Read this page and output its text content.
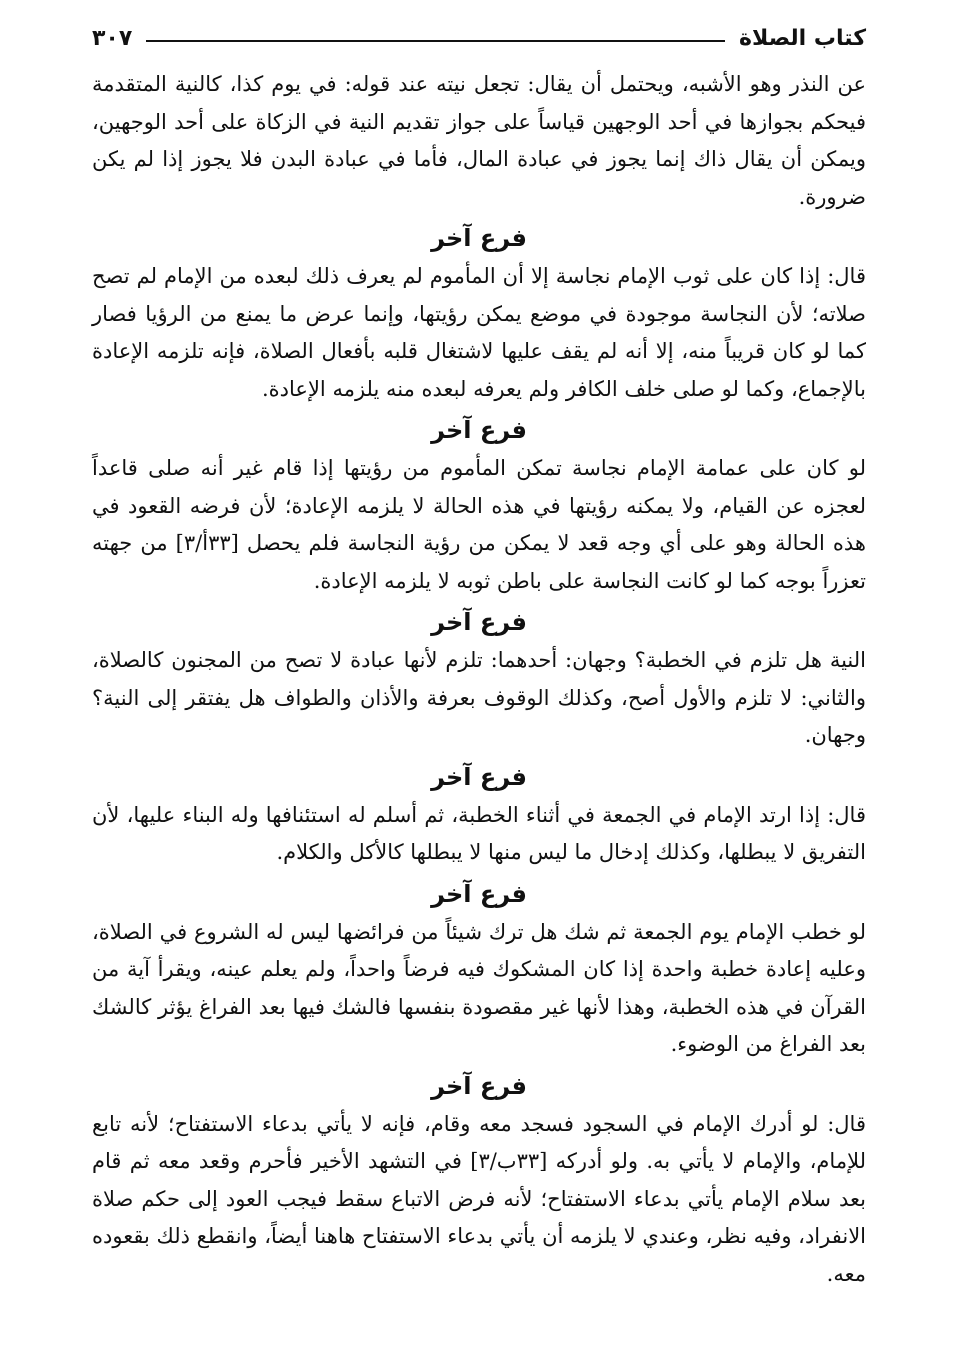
كتاب الصلاة
٣٠٧

عن النذر وهو الأشبه، ويحتمل أن يقال: تجعل نيته عند قوله: في يوم كذا، كالنية المتقدمة فيحكم بجوازها في أحد الوجهين قياساً على جواز تقديم النية في الزكاة على أحد الوجهين، ويمكن أن يقال ذاك إنما يجوز في عبادة المال، فأما في عبادة البدن فلا يجوز إذا لم يكن ضرورة.

فرع آخر

قال: إذا كان على ثوب الإمام نجاسة إلا أن المأموم لم يعرف ذلك لبعده من الإمام لم تصح صلاته؛ لأن النجاسة موجودة في موضع يمكن رؤيتها، وإنما عرض ما يمنع من الرؤيا فصار كما لو كان قريباً منه، إلا أنه لم يقف عليها لاشتغال قلبه بأفعال الصلاة، فإنه تلزمه الإعادة بالإجماع، وكما لو صلى خلف الكافر ولم يعرفه لبعده منه يلزمه الإعادة.

فرع آخر

لو كان على عمامة الإمام نجاسة تمكن المأموم من رؤيتها إذا قام غير أنه صلى قاعداً لعجزه عن القيام، ولا يمكنه رؤيتها في هذه الحالة لا يلزمه الإعادة؛ لأن فرضه القعود في هذه الحالة وهو على أي وجه قعد لا يمكن من رؤية النجاسة فلم يحصل [٣٣أ/٣] من جهته تعزراً بوجه كما لو كانت النجاسة على باطن ثوبه لا يلزمه الإعادة.

فرع آخر

النية هل تلزم في الخطبة؟ وجهان: أحدهما: تلزم لأنها عبادة لا تصح من المجنون كالصلاة، والثاني: لا تلزم والأول أصح، وكذلك الوقوف بعرفة والأذان والطواف هل يفتقر إلى النية؟ وجهان.

فرع آخر

قال: إذا ارتد الإمام في الجمعة في أثناء الخطبة، ثم أسلم له استئنافها وله البناء عليها، لأن التفريق لا يبطلها، وكذلك إدخال ما ليس منها لا يبطلها كالأكل والكلام.

فرع آخر

لو خطب الإمام يوم الجمعة ثم شك هل ترك شيئاً من فرائضها ليس له الشروع في الصلاة، وعليه إعادة خطبة واحدة إذا كان المشكوك فيه فرضاً واحداً، ولم يعلم عينه، ويقرأ آية من القرآن في هذه الخطبة، وهذا لأنها غير مقصودة بنفسها فالشك فيها بعد الفراغ يؤثر كالشك بعد الفراغ من الوضوء.

فرع آخر

قال: لو أدرك الإمام في السجود فسجد معه وقام، فإنه لا يأتي بدعاء الاستفتاح؛ لأنه تابع للإمام، والإمام لا يأتي به. ولو أدركه [٣٣ب/٣] في التشهد الأخير فأحرم وقعد معه ثم قام بعد سلام الإمام يأتي بدعاء الاستفتاح؛ لأنه فرض الاتباع سقط فيجب العود إلى حكم صلاة الانفراد، وفيه نظر، وعندي لا يلزمه أن يأتي بدعاء الاستفتاح هاهنا أيضاً، وانقطع ذلك بقعوده معه.
